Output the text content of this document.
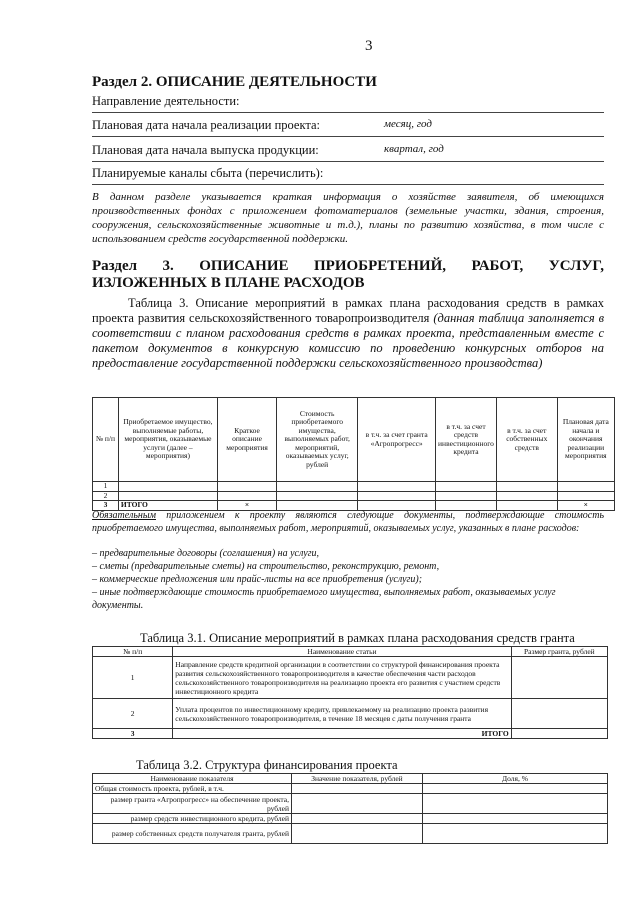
3
Раздел 2. ОПИСАНИЕ ДЕЯТЕЛЬНОСТИ
Направление деятельности:
Плановая дата начала реализации проекта:	месяц, год
Плановая дата начала выпуска продукции:	квартал, год
Планируемые каналы сбыта (перечислить):
В данном разделе указывается краткая информация о хозяйстве заявителя, об имеющихся производственных фондах с приложением фотоматериалов (земельные участки, здания, строения, сооружения, сельскохозяйственные животные и т.д.), планы по развитию хозяйства, в том числе с использованием средств государственной поддержки.
Раздел 3. ОПИСАНИЕ ПРИОБРЕТЕНИЙ, РАБОТ, УСЛУГ,
ИЗЛОЖЕННЫХ В ПЛАНЕ РАСХОДОВ
Таблица 3. Описание мероприятий в рамках плана расходования средств в рамках проекта развития сельскохозяйственного товаропроизводителя (данная таблица заполняется в соответствии с планом расходования средств в рамках проекта, представленным вместе с пакетом документов в конкурсную комиссию по проведению конкурсных отборов на предоставление государственной поддержки сельскохозяйственного производства)
№ п/п	Приобретаемое имущество, выполняемые работы, мероприятия, оказываемые услуги (далее – мероприятия)	Краткое описание мероприятия	Стоимость приобретаемого имущества, выполняемых работ, мероприятий, оказываемых услуг, рублей	в т.ч. за счет гранта «Агропрогресс»	в т.ч. за счет средств инвестиционного кредита	в т.ч. за счет собственных средств	Плановая дата начала и окончания реализации мероприятия
1							
2							
3	ИТОГО	×					×
Обязательным приложением к проекту являются следующие документы, подтверждающие стоимость приобретаемого имущества, выполняемых работ, мероприятий, оказываемых услуг, указанных в плане расходов:
– предварительные договоры (соглашения) на услуги,
– сметы (предварительные сметы) на строительство, реконструкцию, ремонт,
– коммерческие предложения или прайс-листы на все приобретения (услуги);
– иные подтверждающие стоимость приобретаемого имущества, выполняемых работ, оказываемых услуг документы.
Таблица 3.1. Описание мероприятий в рамках плана расходования средств гранта
№ п/п	Наименование статьи	Размер гранта, рублей
1	Направление средств кредитной организации в соответствии со структурой финансирования проекта развития сельскохозяйственного товаропроизводителя в качестве обеспечения части расходов сельскохозяйственного товаропроизводителя на реализацию проекта его развития с участием средств инвестиционного кредита	
2	Уплата процентов по инвестиционному кредиту, привлекаемому на реализацию проекта развития сельскохозяйственного товаропроизводителя, в течение 18 месяцев с даты получения гранта	
3	ИТОГО	
Таблица 3.2. Структура финансирования проекта
Наименование показателя	Значение показателя, рублей	Доля, %
Общая стоимость проекта, рублей, в т.ч.		
размер гранта «Агропрогресс» на обеспечение проекта, рублей		
размер средств инвестиционного кредита, рублей		
размер собственных средств получателя гранта, рублей		
